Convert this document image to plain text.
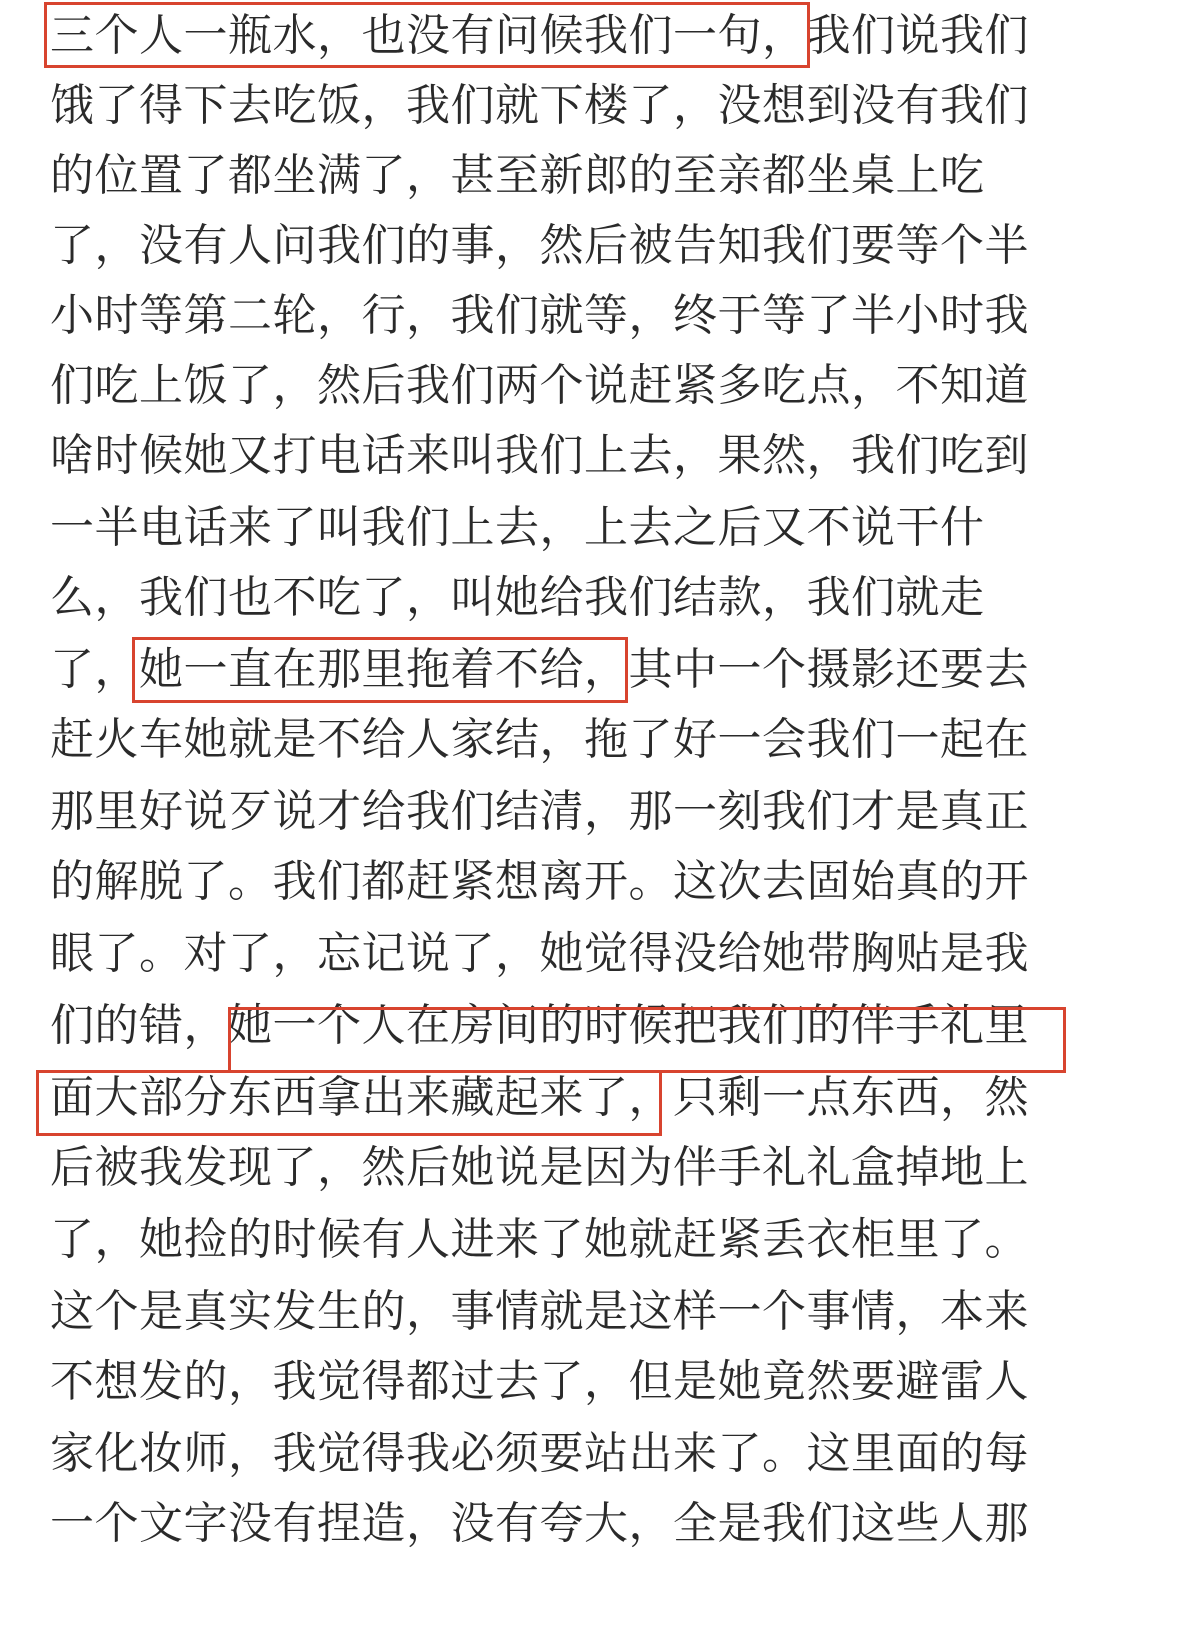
三个人一瓶水，也没有问候我们一句，我们说我们
饿了得下去吃饭，我们就下楼了，没想到没有我们
的位置了都坐满了，甚至新郎的至亲都坐桌上吃
了，没有人问我们的事，然后被告知我们要等个半
小时等第二轮，行，我们就等，终于等了半小时我
们吃上饭了，然后我们两个说赶紧多吃点，不知道
啥时候她又打电话来叫我们上去，果然，我们吃到
一半电话来了叫我们上去，上去之后又不说干什
么，我们也不吃了，叫她给我们结款，我们就走
了，她一直在那里拖着不给，其中一个摄影还要去
赶火车她就是不给人家结，拖了好一会我们一起在
那里好说歹说才给我们结清，那一刻我们才是真正
的解脱了。我们都赶紧想离开。这次去固始真的开
眼了。对了，忘记说了，她觉得没给她带胸贴是我
们的错，她一个人在房间的时候把我们的伴手礼里
面大部分东西拿出来藏起来了，只剩一点东西，然
后被我发现了，然后她说是因为伴手礼礼盒掉地上
了，她捡的时候有人进来了她就赶紧丢衣柜里了。
这个是真实发生的，事情就是这样一个事情，本来
不想发的，我觉得都过去了，但是她竟然要避雷人
家化妆师，我觉得我必须要站出来了。这里面的每
一个文字没有捏造，没有夸大，全是我们这些人那
